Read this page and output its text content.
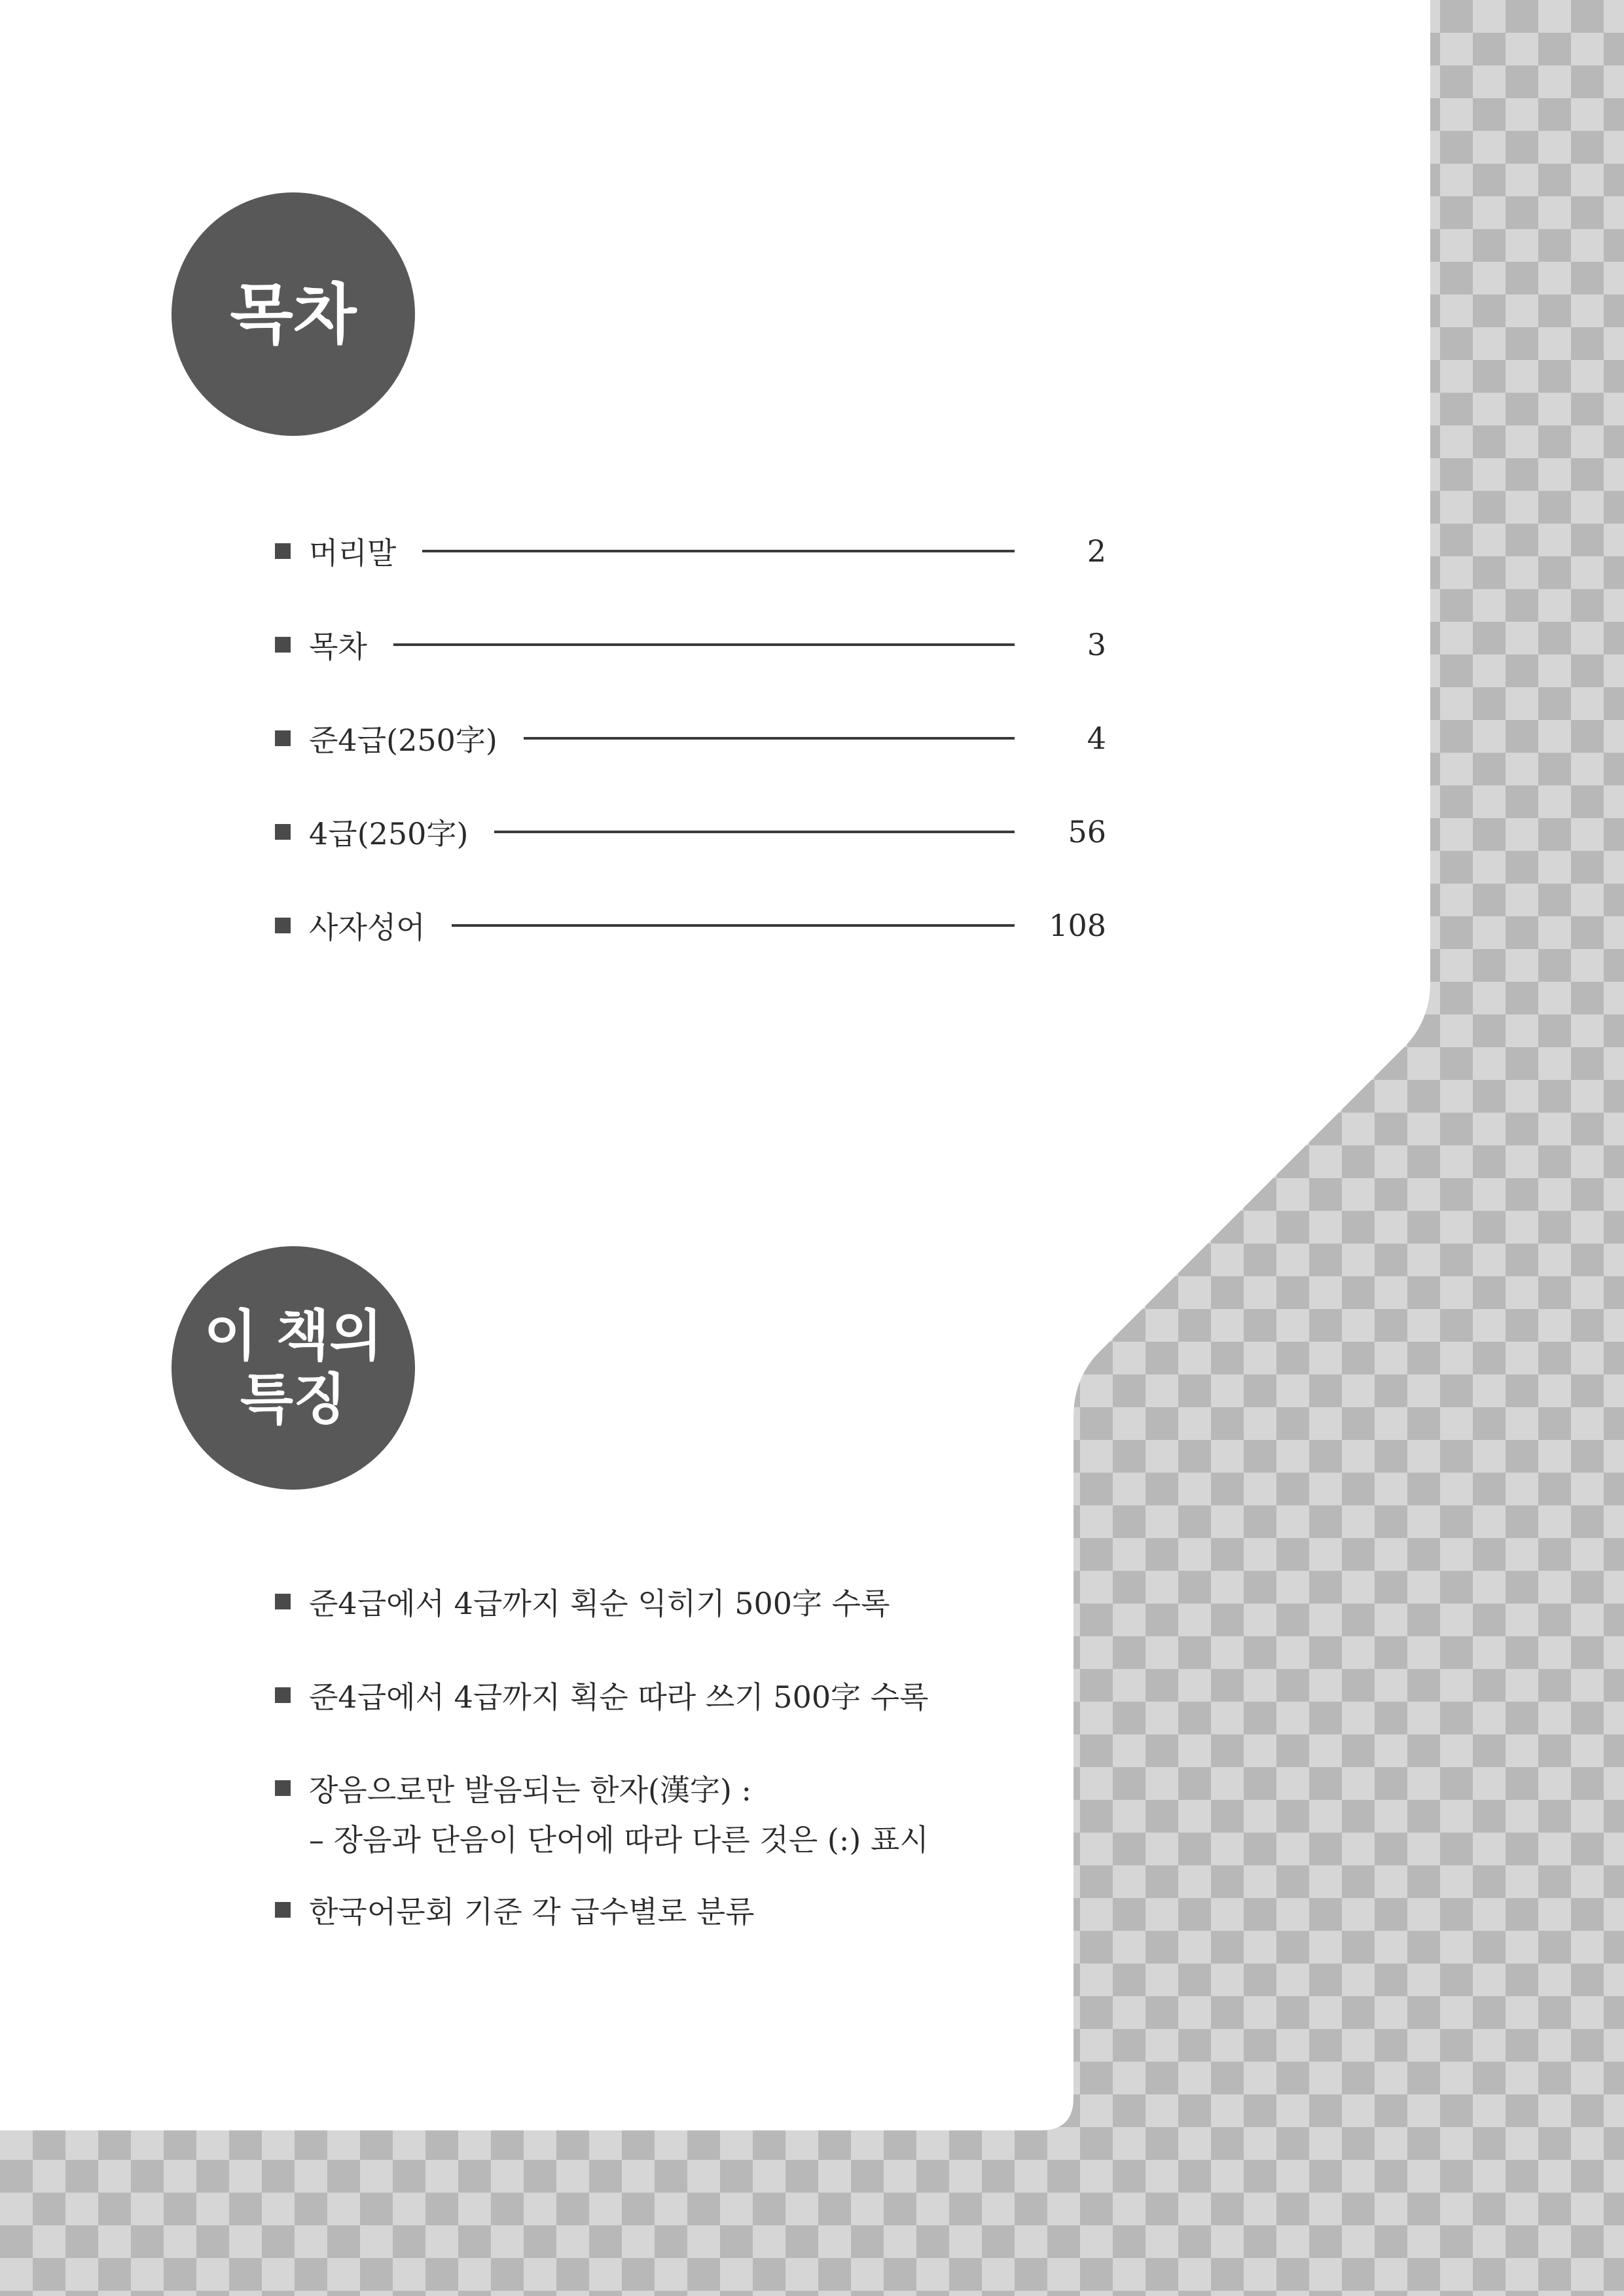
목차
머리말	2
목차	3
준4급(250字)	4
4급(250字)	56
사자성어	108
이 책의
특징
준4급에서 4급까지 획순 익히기 500字 수록
준4급에서 4급까지 획순 따라 쓰기 500字 수록
장음으로만 발음되는 한자(漢字) :
– 장음과 단음이 단어에 따라 다른 것은 (:) 표시
한국어문회 기준 각 급수별로 분류
